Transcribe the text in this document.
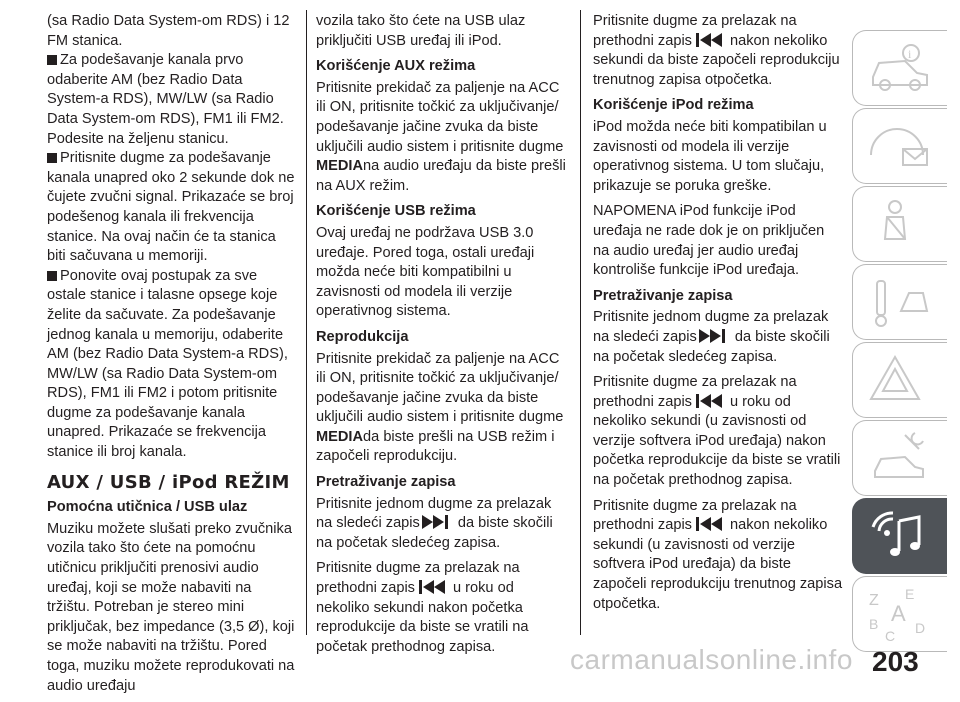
(sa Radio Data System-om RDS) i 12 FM stanica.

Za podešavanje kanala prvo odaberite AM (bez Radio Data System-a RDS), MW/LW (sa Radio Data System-om RDS), FM1 ili FM2. Podesite na željenu stanicu.

Pritisnite dugme za podešavanje kanala unapred oko 2 sekunde dok ne čujete zvučni signal. Prikazaće se broj podešenog kanala ili frekvencija stanice. Na ovaj način će ta stanica biti sačuvana u memoriji.

Ponovite ovaj postupak za sve ostale stanice i talasne opsege koje želite da sačuvate. Za podešavanje jednog kanala u memoriju, odaberite AM (bez Radio Data System-a RDS), MW/LW (sa Radio Data System-om RDS), FM1 ili FM2 i potom pritisnite dugme za podešavanje kanala unapred. Prikazaće se frekvencija stanice ili broj kanala.

AUX / USB / iPod REŽIM
Pomoćna utičnica / USB ulaz

Muziku možete slušati preko zvučnika vozila tako što ćete na pomoćnu utičnicu priključiti prenosivi audio uređaj, koji se može nabaviti na tržištu. Potreban je stereo mini priključak, bez impedance (3,5 Ø), koji se može nabaviti na tržištu. Pored toga, muziku možete reprodukovati na audio uređaju

vozila tako što ćete na USB ulaz priključiti USB uređaj ili iPod.

Korišćenje AUX režima

Pritisnite prekidač za paljenje na ACC ili ON, pritisnite točkić za uključivanje/ podešavanje jačine zvuka da biste uključili audio sistem i pritisnite dugme MEDIAna audio uređaju da biste prešli na AUX režim.

Korišćenje USB režima

Ovaj uređaj ne podržava USB 3.0 uređaje. Pored toga, ostali uređaji možda neće biti kompatibilni u zavisnosti od modela ili verzije operativnog sistema.

Reprodukcija

Pritisnite prekidač za paljenje na ACC ili ON, pritisnite točkić za uključivanje/ podešavanje jačine zvuka da biste uključili audio sistem i pritisnite dugme MEDIAda biste prešli na USB režim i započeli reprodukciju.

Pretraživanje zapisa

Pritisnite jednom dugme za prelazak na sledeći zapis	da biste skočili na početak sledećeg zapisa.

Pritisnite dugme za prelazak na prethodni zapis	u roku od nekoliko sekundi nakon početka reprodukcije da biste se vratili na početak prethodnog zapisa.

Pritisnite dugme za prelazak na prethodni zapis	nakon nekoliko sekundi da biste započeli reprodukciju trenutnog zapisa otpočetka.

Korišćenje iPod režima

iPod možda neće biti kompatibilan u zavisnosti od modela ili verzije operativnog sistema. U tom slučaju, prikazuje se poruka greške.

NAPOMENA iPod funkcije iPod uređaja ne rade dok je on priključen na audio uređaj jer audio uređaj kontroliše funkcije iPod uređaja.

Pretraživanje zapisa

Pritisnite jednom dugme za prelazak na sledeći zapis	da biste skočili na početak sledećeg zapisa.

Pritisnite dugme za prelazak na prethodni zapis	u roku od nekoliko sekundi (u zavisnosti od verzije softvera iPod uređaja) nakon početka reprodukcije da biste se vratili na početak prethodnog zapisa.

Pritisnite dugme za prelazak na prethodni zapis	nakon nekoliko sekundi (u zavisnosti od verzije softvera iPod uređaja) da biste započeli reprodukciju trenutnog zapisa otpočetka.

i
Z E
B A
C D
carmanualsonline.info 203
